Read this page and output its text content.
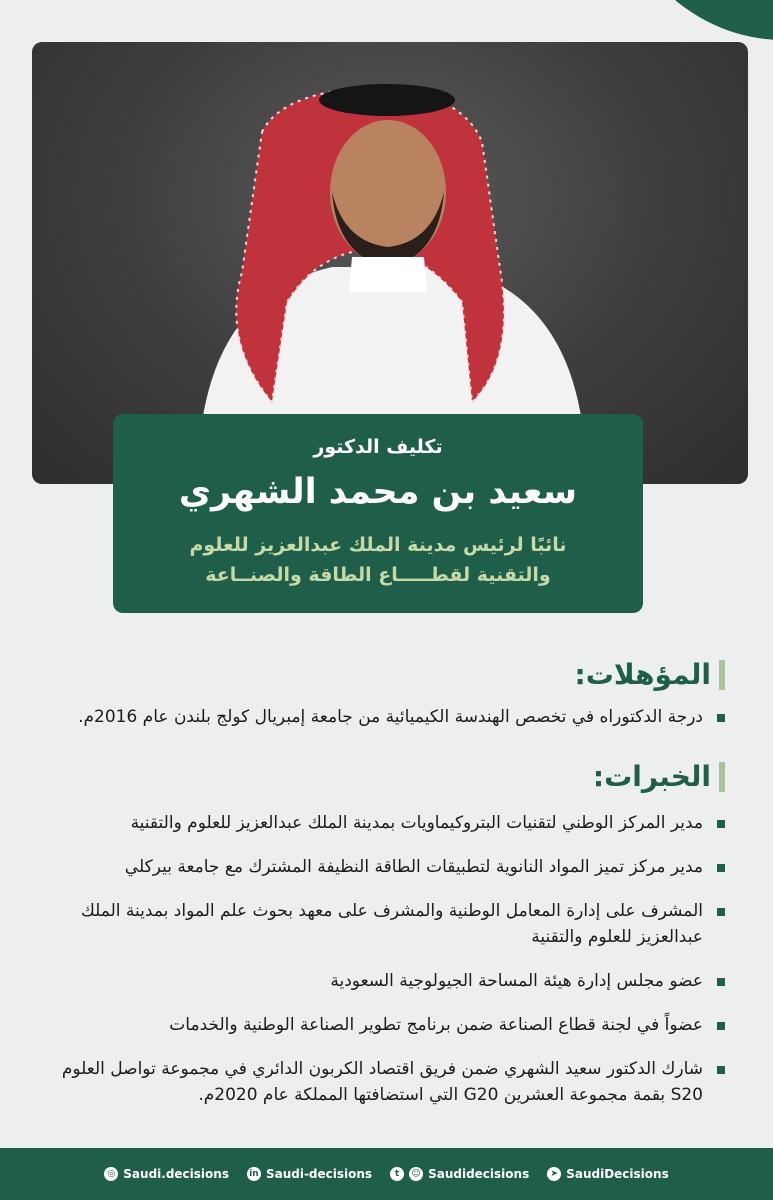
تكليف الدكتور
سعيد بن محمد الشهري
نائبًا لرئيس مدينة الملك عبدالعزيز للعلوم
والتقنية لقطـــــاع الطاقة والصنــاعة
المؤهلات:
درجة الدكتوراه في تخصص الهندسة الكيميائية من جامعة إمبريال كولج بلندن عام 2016م.
الخبرات:
مدير المركز الوطني لتقنيات البتروكيماويات بمدينة الملك عبدالعزيز للعلوم والتقنية
مدير مركز تميز المواد النانوية لتطبيقات الطاقة النظيفة المشترك مع جامعة بيركلي
المشرف على إدارة المعامل الوطنية والمشرف على معهد بحوث علم المواد بمدينة الملك عبدالعزيز للعلوم والتقنية
عضو مجلس إدارة هيئة المساحة الجيولوجية السعودية
عضواً في لجنة قطاع الصناعة ضمن برنامج تطوير الصناعة الوطنية والخدمات
شارك الدكتور سعيد الشهري ضمن فريق اقتصاد الكربون الدائري في مجموعة تواصل العلوم S20 بقمة مجموعة العشرين G20 التي استضافتها المملكة عام 2020م.
◎ Saudi.decisions in Saudi-decisions	t	☺ Saudidecisions	➤ SaudiDecisions
